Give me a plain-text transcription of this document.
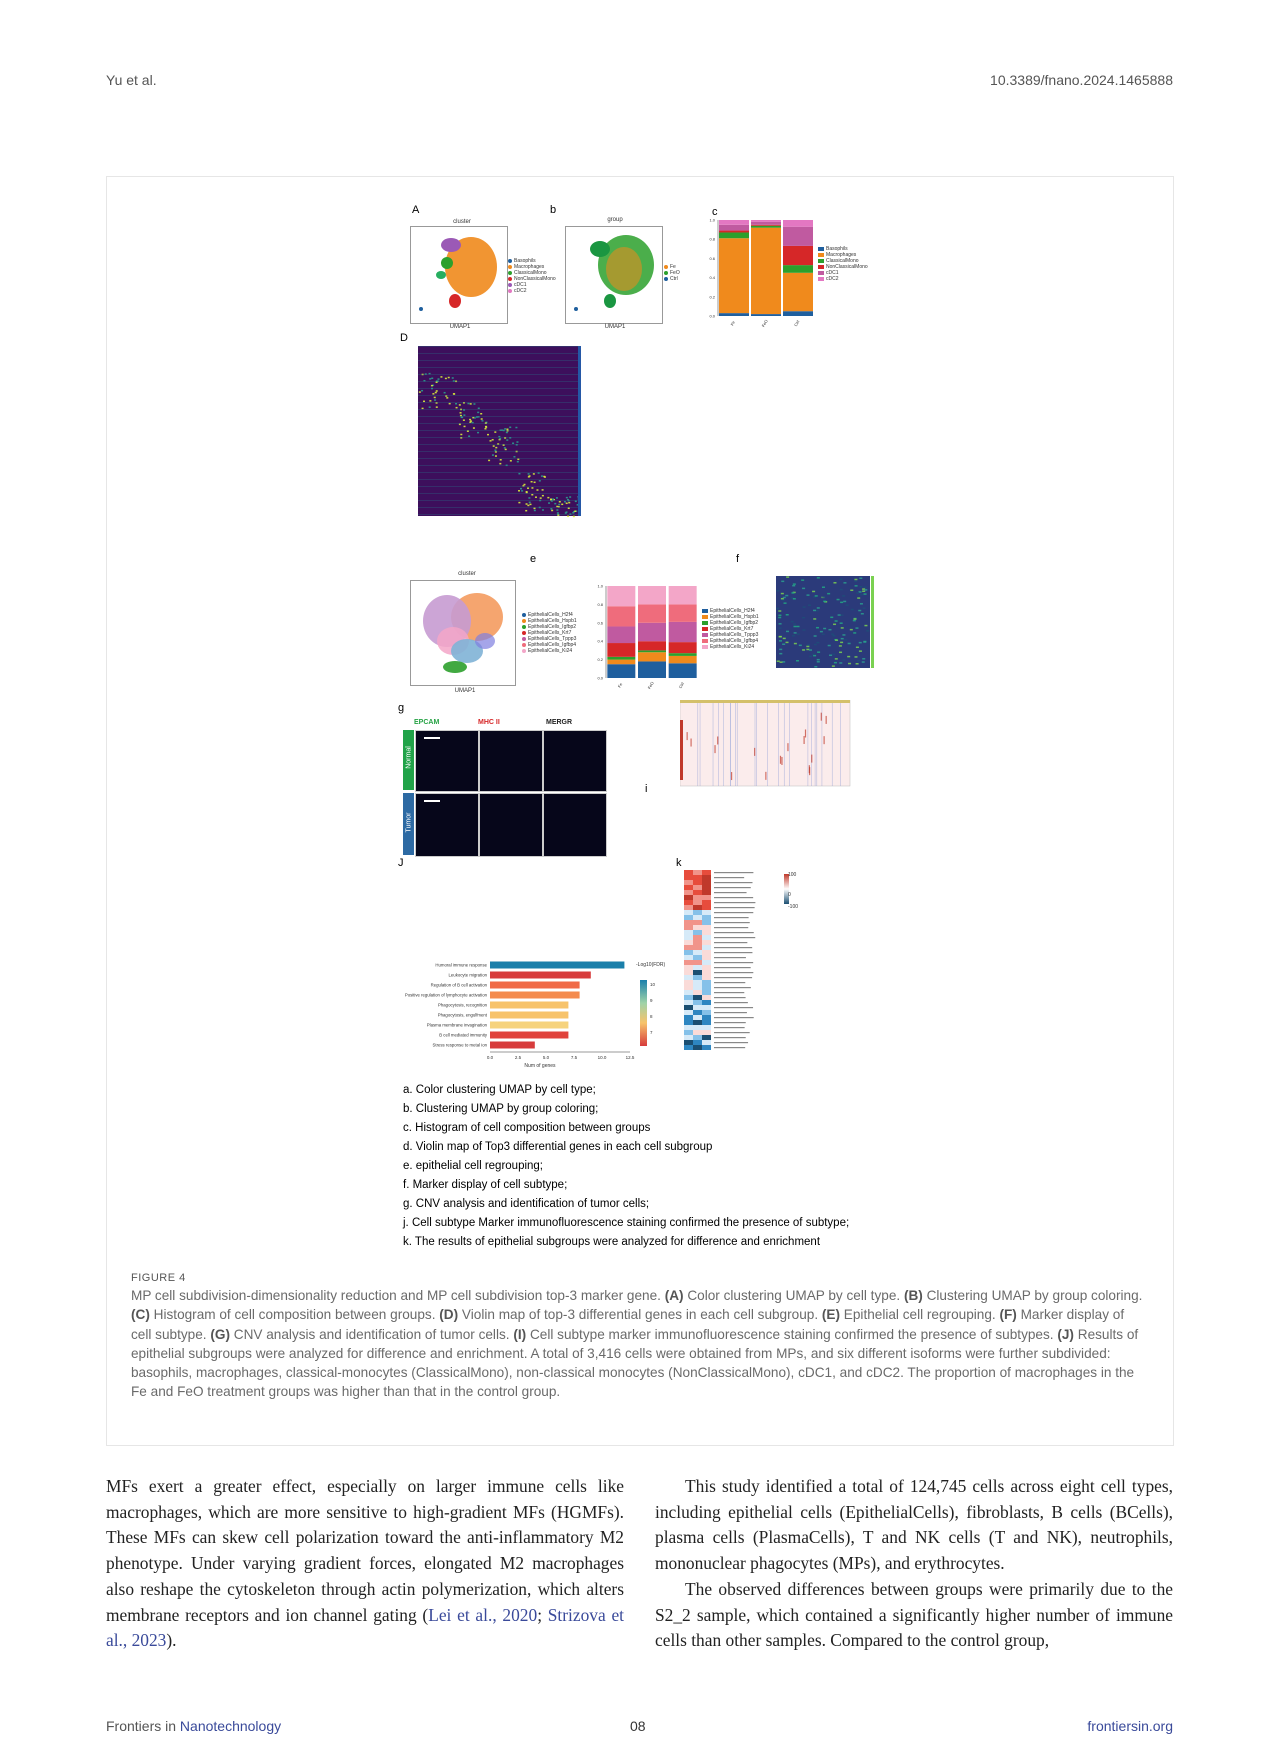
Yu et al.	10.3389/fnano.2024.1465888
A
cluster
Basophils
Macrophages
ClassicalMono
NonClassicalMono
cDC1
cDC2
UMAP1
b
group
Fe
FeO
Ctrl
UMAP1
c
0.0
0.2
0.4
0.6
0.8
1.0
Fe	FeO	Ctrl
Basophils
Macrophages
ClassicalMono
NonClassicalMono
cDC1
cDC2
D
e
cluster
EpithelialCells_H2f4
EpithelialCells_Hspb1
EpithelialCells_Igfbp2
EpithelialCells_Krt7
EpithelialCells_Tppp3
EpithelialCells_Igfbp4
EpithelialCells_Ki24
UMAP1
0.0
0.2
0.4
0.6
0.8
1.0
Fe	FeO	Ctrl
EpithelialCells_H2f4
EpithelialCells_Hspb1
EpithelialCells_Igfbp2
EpithelialCells_Krt7
EpithelialCells_Tppp3
EpithelialCells_Igfbp4
EpithelialCells_Ki24
f
g
EPCAM	MHC II	MERGR
Normal
Tumor
i
J
Humoral immune response
Leukocyte migration
Regulation of B cell activation
Positive regulation of lymphocyte activation
Phagocytosis, recognition
Phagocytosis, engulfment
Plasma membrane invagination
B cell mediated immunity
Stress response to metal ion
0.0	2.5	5.0	7.5	10.0	12.5
Num of genes
-Log10(FDR)
10
9
8
7
k
100
0
-100
a. Color clustering UMAP by cell type;
b. Clustering UMAP by group coloring;
c. Histogram of cell composition between groups
d. Violin map of Top3 differential genes in each cell subgroup
e. epithelial cell regrouping;
f. Marker display of cell subtype;
g. CNV analysis and identification of tumor cells;
j. Cell subtype Marker immunofluorescence staining confirmed the presence of subtype;
k. The results of epithelial subgroups were analyzed for difference and enrichment
FIGURE 4
MP cell subdivision-dimensionality reduction and MP cell subdivision top-3 marker gene. (A) Color clustering UMAP by cell type. (B) Clustering UMAP by group coloring. (C) Histogram of cell composition between groups. (D) Violin map of top-3 differential genes in each cell subgroup. (E) Epithelial cell regrouping. (F) Marker display of cell subtype. (G) CNV analysis and identification of tumor cells. (I) Cell subtype marker immunofluorescence staining confirmed the presence of subtypes. (J) Results of epithelial subgroups were analyzed for difference and enrichment. A total of 3,416 cells were obtained from MPs, and six different isoforms were further subdivided: basophils, macrophages, classical-monocytes (ClassicalMono), non-classical monocytes (NonClassicalMono), cDC1, and cDC2. The proportion of macrophages in the Fe and FeO treatment groups was higher than that in the control group.

MFs exert a greater effect, especially on larger immune cells like macrophages, which are more sensitive to high-gradient MFs (HGMFs). These MFs can skew cell polarization toward the anti-inflammatory M2 phenotype. Under varying gradient forces, elongated M2 macrophages also reshape the cytoskeleton through actin polymerization, which alters membrane receptors and ion channel gating (Lei et al., 2020; Strizova et al., 2023).

This study identified a total of 124,745 cells across eight cell types, including epithelial cells (EpithelialCells), fibroblasts, B cells (BCells), plasma cells (PlasmaCells), T and NK cells (T and NK), neutrophils, mononuclear phagocytes (MPs), and erythrocytes.

The observed differences between groups were primarily due to the S2_2 sample, which contained a significantly higher number of immune cells than other samples. Compared to the control group,

Frontiers in Nanotechnology	08	frontiersin.org
